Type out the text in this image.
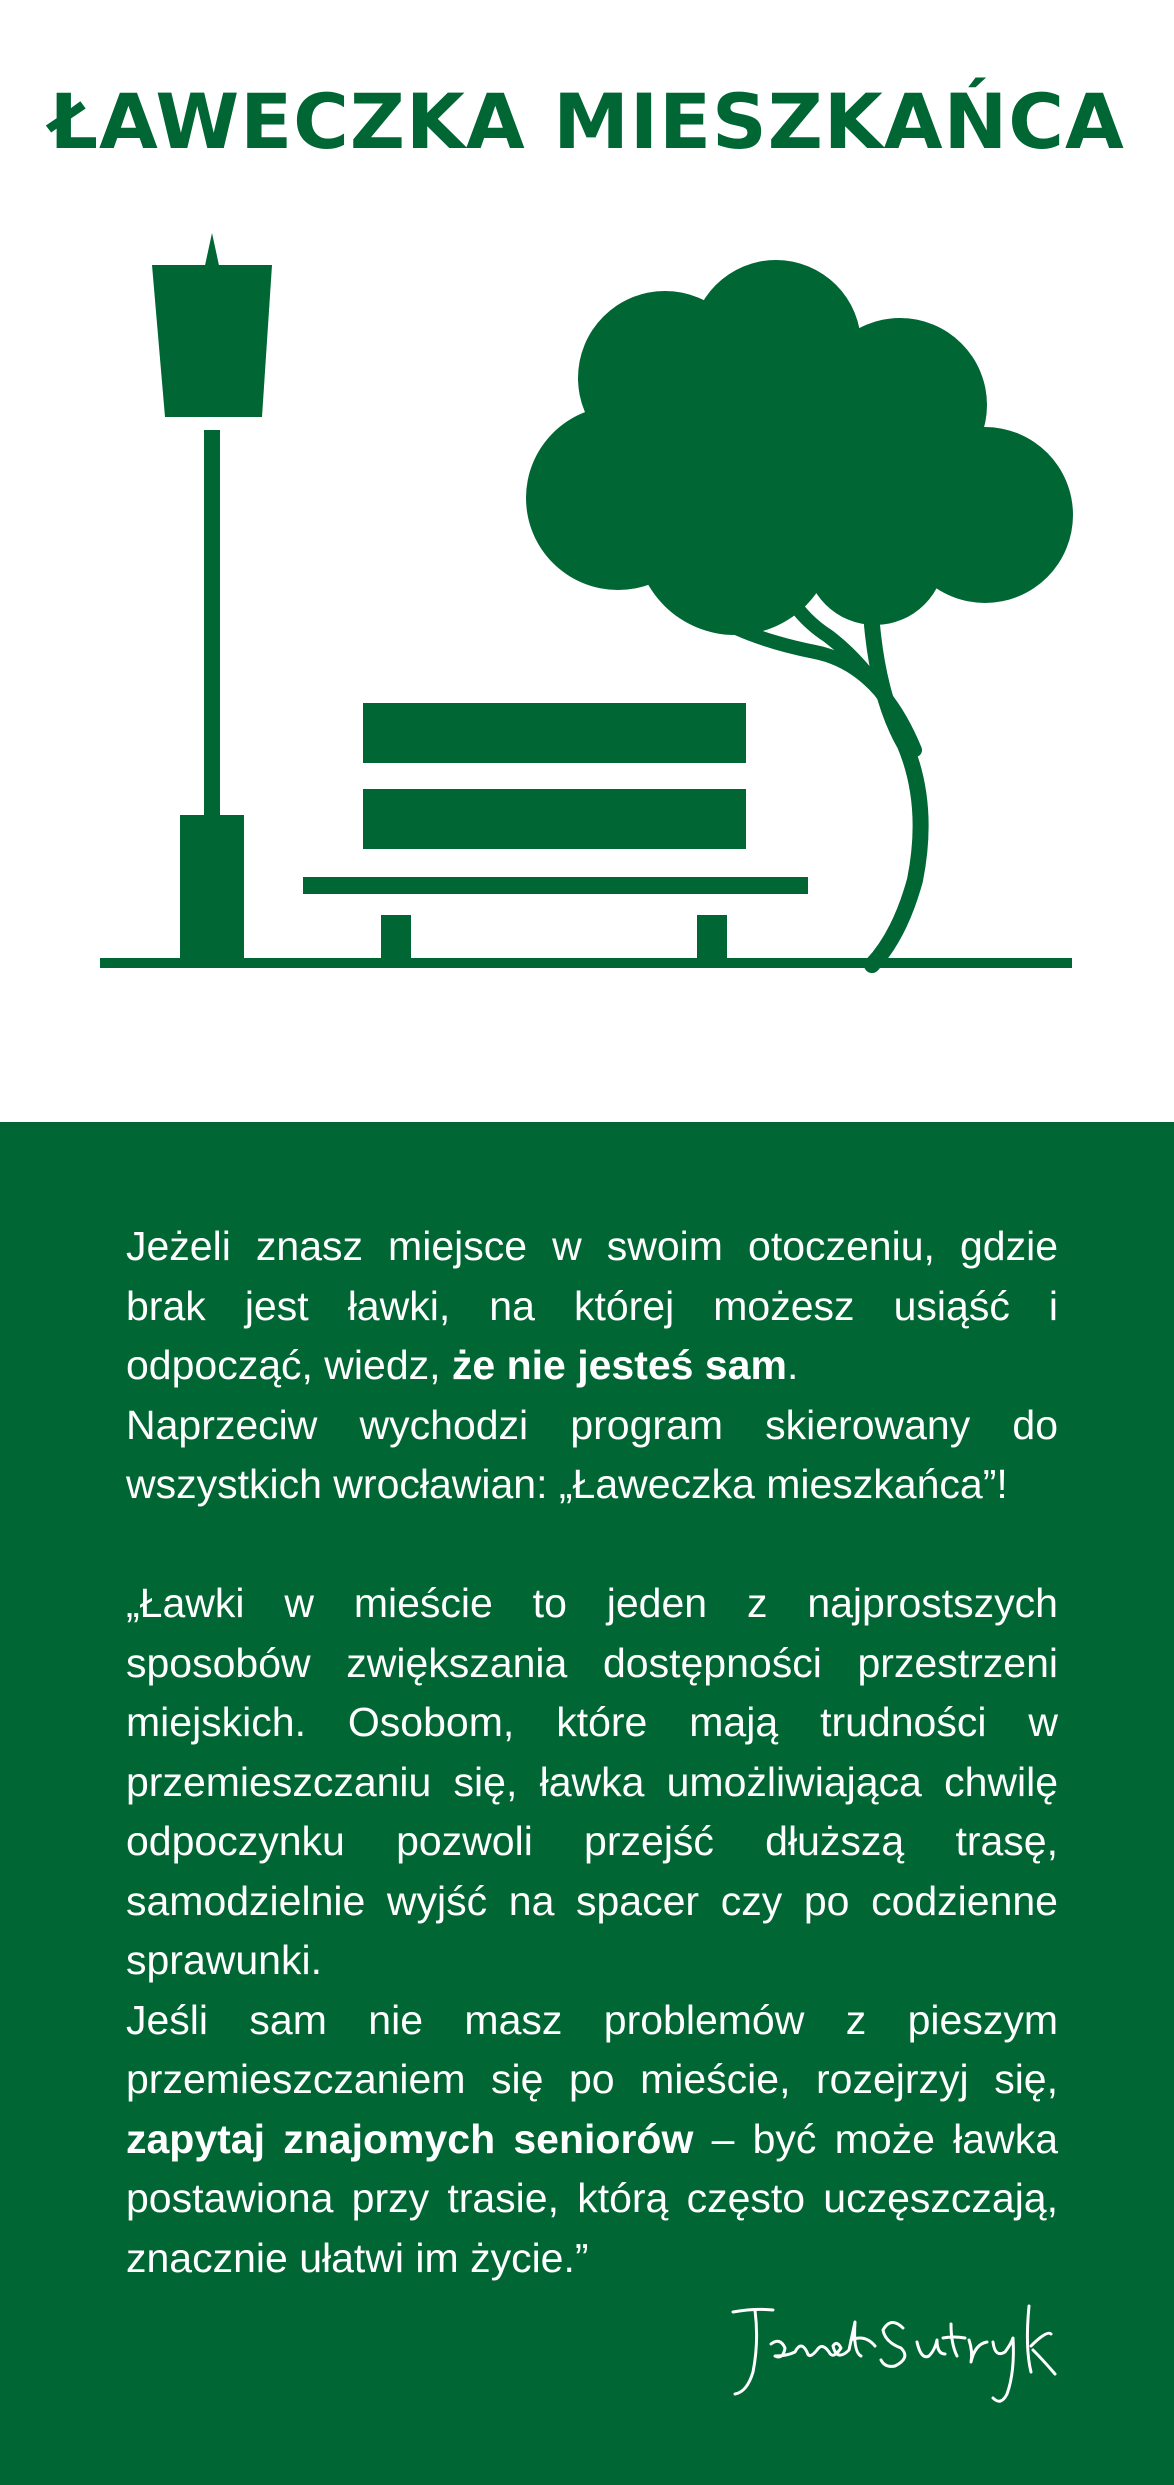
ŁAWECZKA MIESZKAŃCA

Jeżeli znasz miejsce w swoim otoczeniu, gdzie brak jest ławki, na której możesz usiąść i odpocząć, wiedz, że nie jesteś sam.

Naprzeciw wychodzi program skierowany do wszystkich wrocławian: „Ławeczka mieszkańca”!

„Ławki w mieście to jeden z najprostszych sposobów zwiększania dostępności przestrzeni miejskich. Osobom, które mają trudności w przemieszczaniu się, ławka umożliwiająca chwilę odpoczynku pozwoli przejść dłuższą trasę, samodzielnie wyjść na spacer czy po codzienne sprawunki.

Jeśli sam nie masz problemów z pieszym przemieszczaniem się po mieście, rozejrzyj się, zapytaj znajomych seniorów – być może ławka postawiona przy trasie, którą często uczęszczają, znacznie ułatwi im życie.”
